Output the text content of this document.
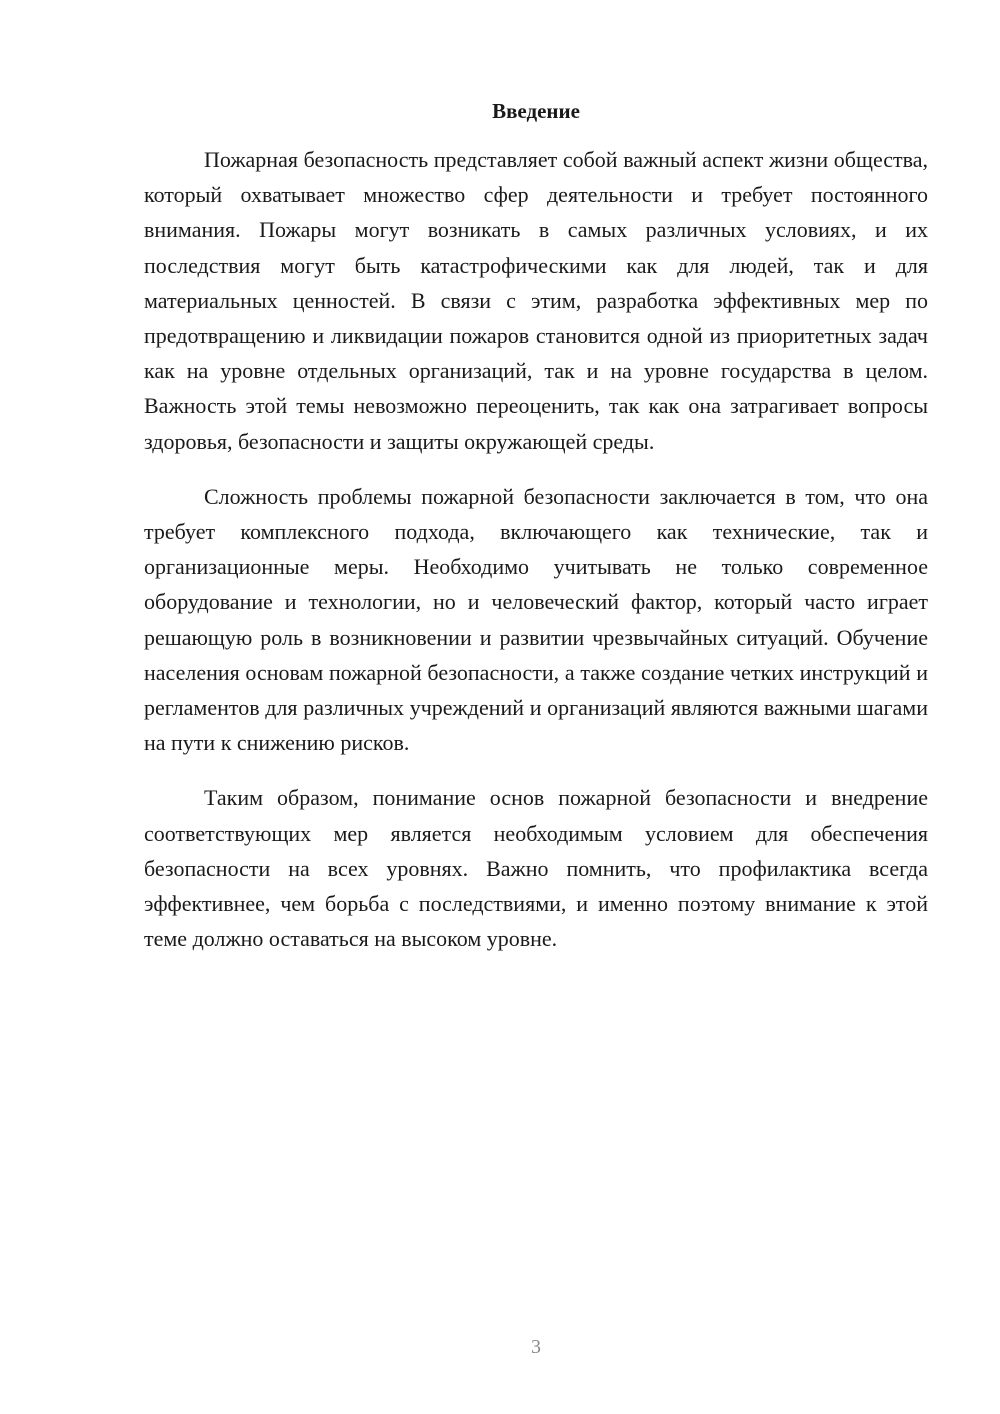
Введение

Пожарная безопасность представляет собой важный аспект жизни общества, который охватывает множество сфер деятельности и требует постоянного внимания. Пожары могут возникать в самых различных условиях, и их последствия могут быть катастрофическими как для людей, так и для материальных ценностей. В связи с этим, разработка эффективных мер по предотвращению и ликвидации пожаров становится одной из приоритетных задач как на уровне отдельных организаций, так и на уровне государства в целом. Важность этой темы невозможно переоценить, так как она затрагивает вопросы здоровья, безопасности и защиты окружающей среды.

Сложность проблемы пожарной безопасности заключается в том, что она требует комплексного подхода, включающего как технические, так и организационные меры. Необходимо учитывать не только современное оборудование и технологии, но и человеческий фактор, который часто играет решающую роль в возникновении и развитии чрезвычайных ситуаций. Обучение населения основам пожарной безопасности, а также создание четких инструкций и регламентов для различных учреждений и организаций являются важными шагами на пути к снижению рисков.

Таким образом, понимание основ пожарной безопасности и внедрение соответствующих мер является необходимым условием для обеспечения безопасности на всех уровнях. Важно помнить, что профилактика всегда эффективнее, чем борьба с последствиями, и именно поэтому внимание к этой теме должно оставаться на высоком уровне.

3
